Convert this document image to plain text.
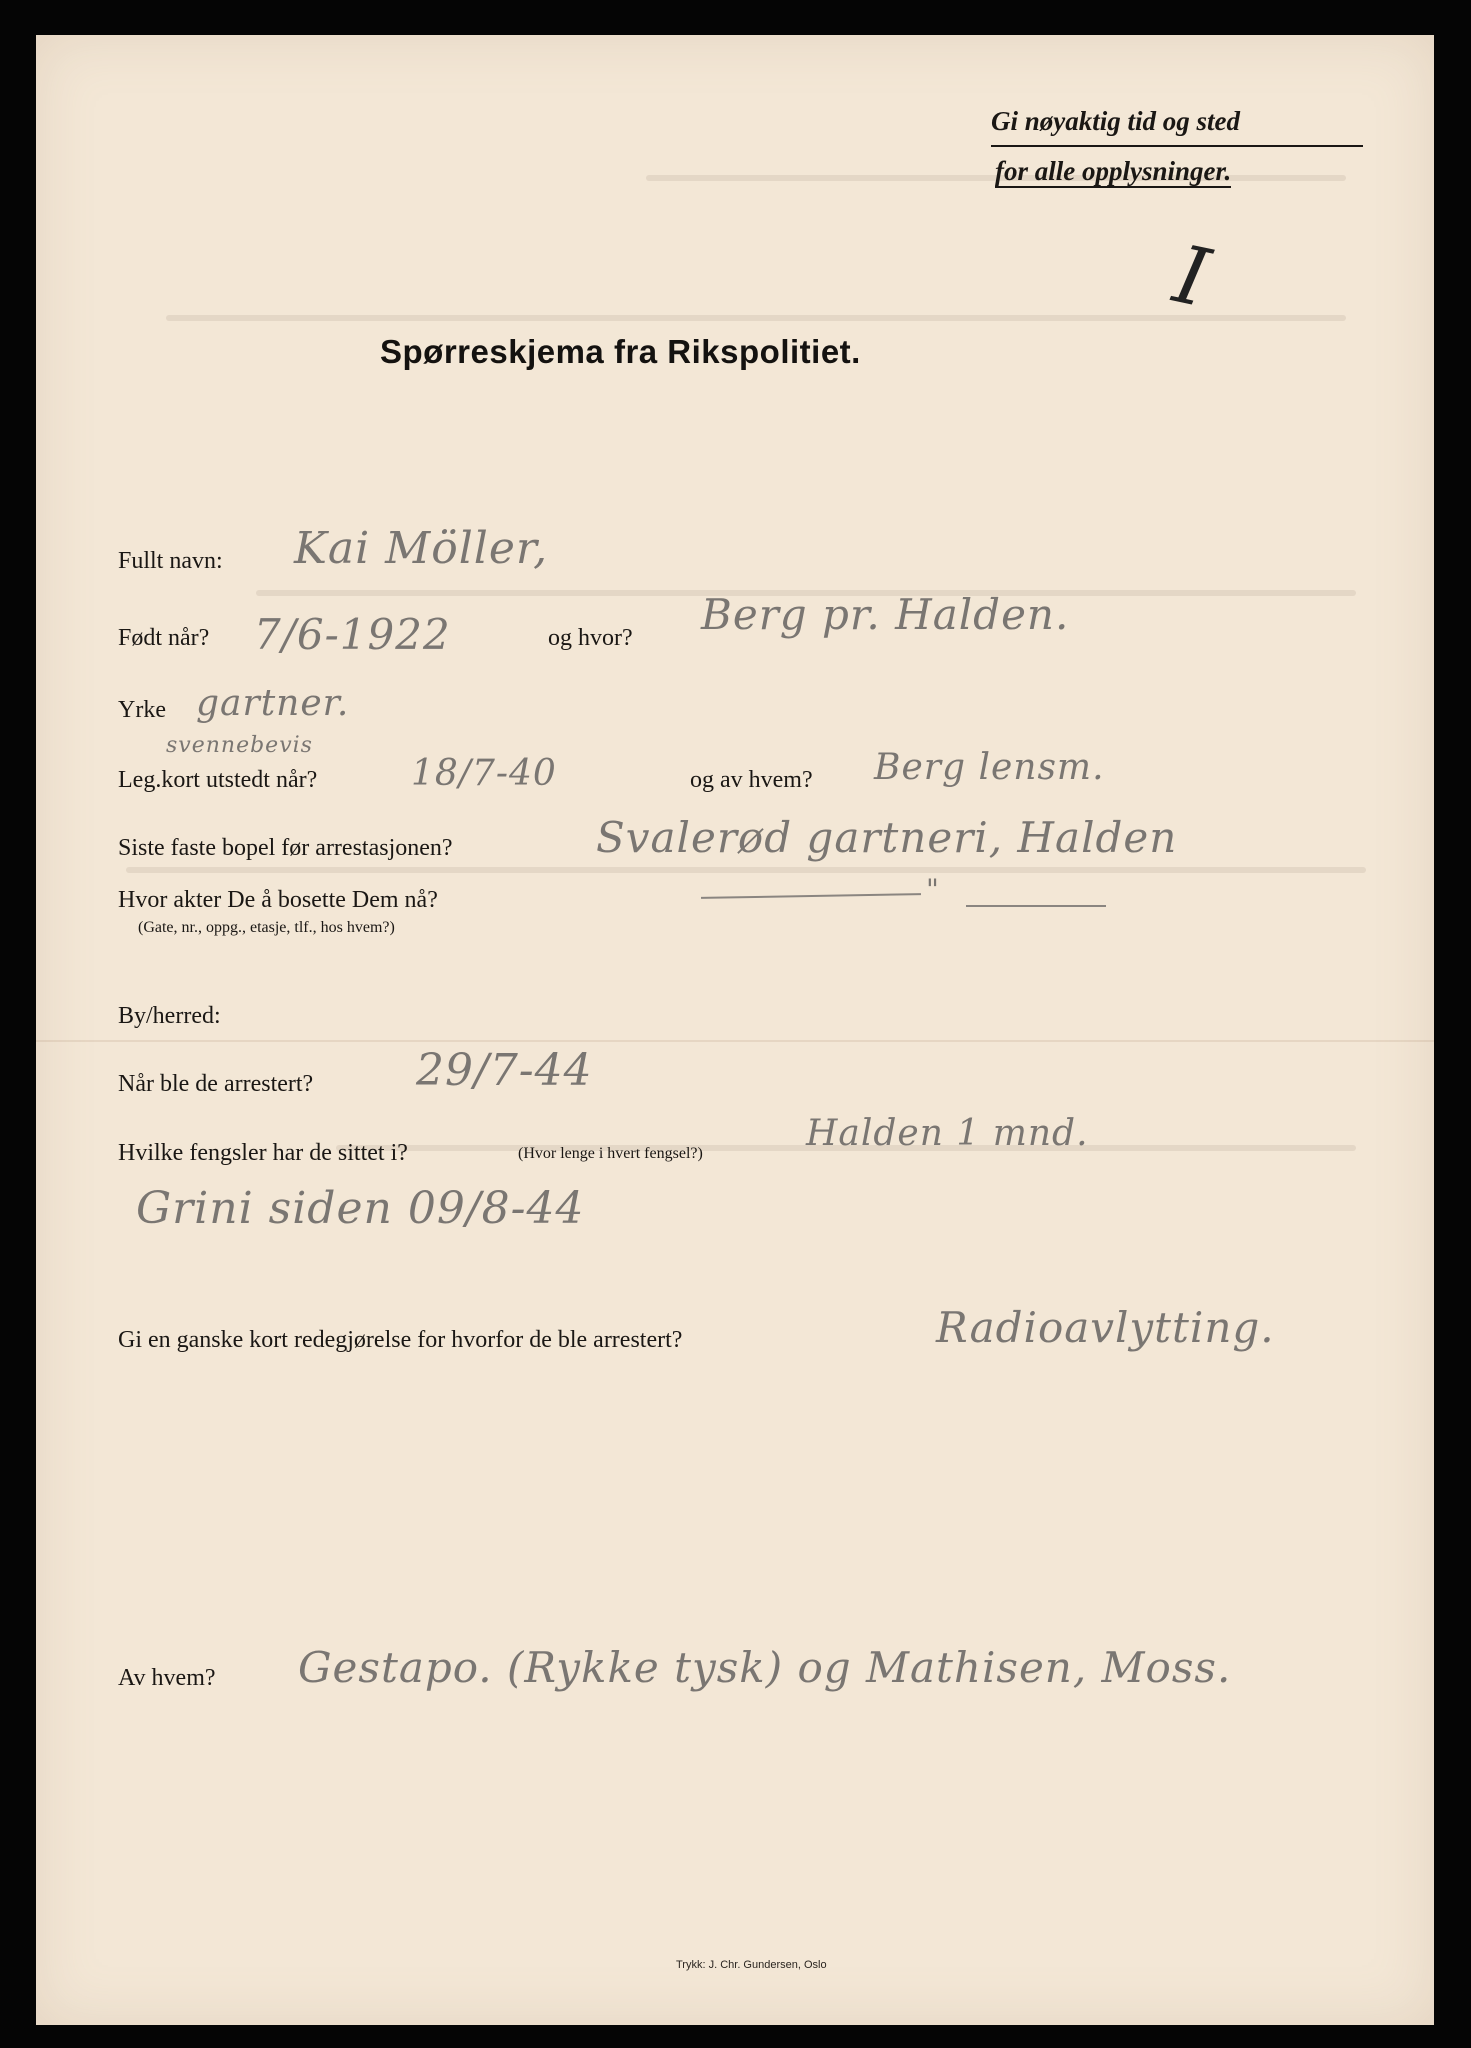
Gi nøyaktig tid og sted
for alle opplysninger.
I
Spørreskjema fra Rikspolitiet.
Fullt navn: Kai Möller,
Født når? 7/6-1922	og hvor? Berg pr. Halden.
Yrke gartner.
svennebevis
Leg.kort utstedt når?	18/7-40	og av hvem? Berg lensm.
Siste faste bopel før arrestasjonen?	Svalerød gartneri, Halden
Hvor akter De å bosette Dem nå?
(Gate, nr., oppg., etasje, tlf., hos hvem?)
"
By/herred:
Når ble de arrestert? 29/7-44
Hvilke fengsler har de sittet i?	(Hvor lenge i hvert fengsel?)	Halden 1 mnd.
Grini siden 09/8-44
Gi en ganske kort redegjørelse for hvorfor de ble arrestert?	Radioavlytting.
Av hvem? Gestapo. (Rykke tysk) og Mathisen, Moss.
Trykk: J. Chr. Gundersen, Oslo
